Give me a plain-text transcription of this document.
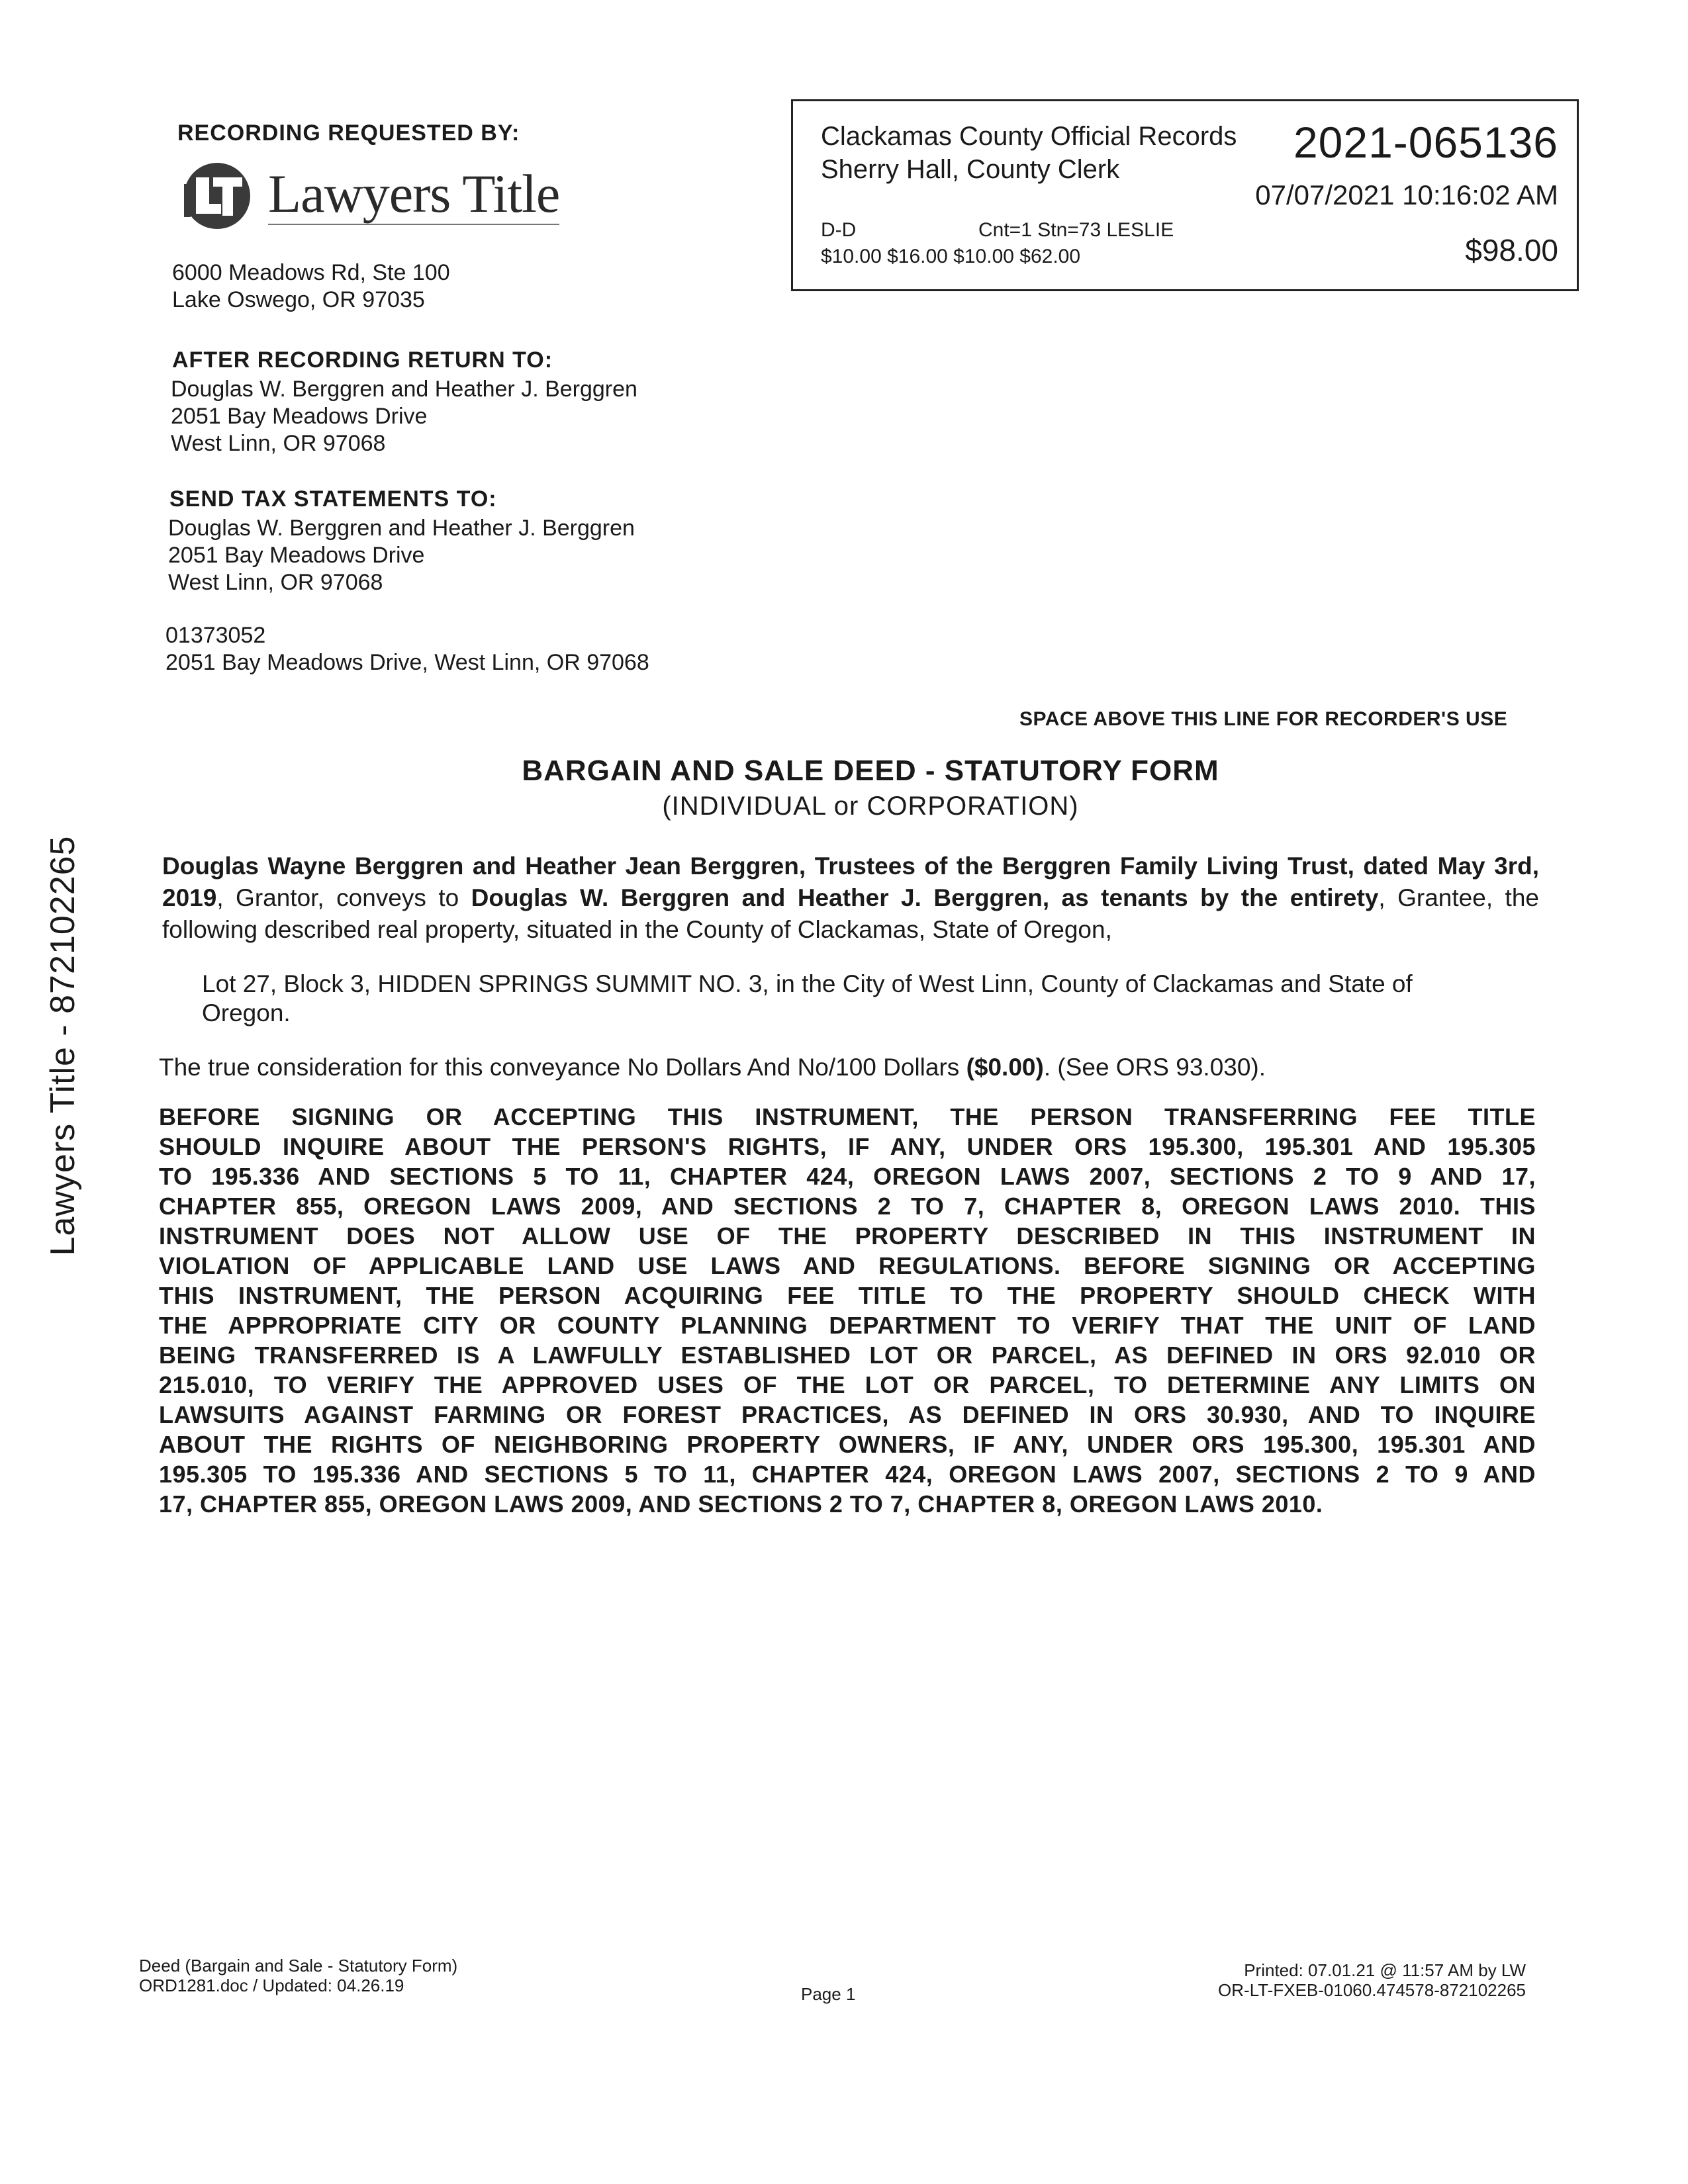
RECORDING REQUESTED BY:
Lawyers Title
6000 Meadows Rd, Ste 100
Lake Oswego, OR 97035
AFTER RECORDING RETURN TO:
Douglas W. Berggren and Heather J. Berggren
2051 Bay Meadows Drive
West Linn, OR 97068
SEND TAX STATEMENTS TO:
Douglas W. Berggren and Heather J. Berggren
2051 Bay Meadows Drive
West Linn, OR 97068
01373052
2051 Bay Meadows Drive, West Linn, OR 97068
Clackamas County Official Records
Sherry Hall, County Clerk
2021-065136
07/07/2021 10:16:02 AM
D-D	Cnt=1 Stn=73 LESLIE
$10.00 $16.00 $10.00 $62.00	$98.00
SPACE ABOVE THIS LINE FOR RECORDER'S USE
BARGAIN AND SALE DEED - STATUTORY FORM
(INDIVIDUAL or CORPORATION)
Douglas Wayne Berggren and Heather Jean Berggren, Trustees of the Berggren Family Living Trust, dated May 3rd, 2019, Grantor, conveys to Douglas W. Berggren and Heather J. Berggren, as tenants by the entirety, Grantee, the following described real property, situated in the County of Clackamas, State of Oregon,
Lot 27, Block 3, HIDDEN SPRINGS SUMMIT NO. 3, in the City of West Linn, County of Clackamas and State of Oregon.
The true consideration for this conveyance No Dollars And No/100 Dollars ($0.00). (See ORS 93.030).
BEFORE SIGNING OR ACCEPTING THIS INSTRUMENT, THE PERSON TRANSFERRING FEE TITLE
SHOULD INQUIRE ABOUT THE PERSON'S RIGHTS, IF ANY, UNDER ORS 195.300, 195.301 AND 195.305
TO 195.336 AND SECTIONS 5 TO 11, CHAPTER 424, OREGON LAWS 2007, SECTIONS 2 TO 9 AND 17,
CHAPTER 855, OREGON LAWS 2009, AND SECTIONS 2 TO 7, CHAPTER 8, OREGON LAWS 2010. THIS
INSTRUMENT DOES NOT ALLOW USE OF THE PROPERTY DESCRIBED IN THIS INSTRUMENT IN
VIOLATION OF APPLICABLE LAND USE LAWS AND REGULATIONS. BEFORE SIGNING OR ACCEPTING
THIS INSTRUMENT, THE PERSON ACQUIRING FEE TITLE TO THE PROPERTY SHOULD CHECK WITH
THE APPROPRIATE CITY OR COUNTY PLANNING DEPARTMENT TO VERIFY THAT THE UNIT OF LAND
BEING TRANSFERRED IS A LAWFULLY ESTABLISHED LOT OR PARCEL, AS DEFINED IN ORS 92.010 OR
215.010, TO VERIFY THE APPROVED USES OF THE LOT OR PARCEL, TO DETERMINE ANY LIMITS ON
LAWSUITS AGAINST FARMING OR FOREST PRACTICES, AS DEFINED IN ORS 30.930, AND TO INQUIRE
ABOUT THE RIGHTS OF NEIGHBORING PROPERTY OWNERS, IF ANY, UNDER ORS 195.300, 195.301 AND
195.305 TO 195.336 AND SECTIONS 5 TO 11, CHAPTER 424, OREGON LAWS 2007, SECTIONS 2 TO 9 AND
17, CHAPTER 855, OREGON LAWS 2009, AND SECTIONS 2 TO 7, CHAPTER 8, OREGON LAWS 2010.
Lawyers Title - 872102265
Deed (Bargain and Sale - Statutory Form)
ORD1281.doc / Updated: 04.26.19	Page 1
Printed: 07.01.21 @ 11:57 AM by LW
OR-LT-FXEB-01060.474578-872102265
